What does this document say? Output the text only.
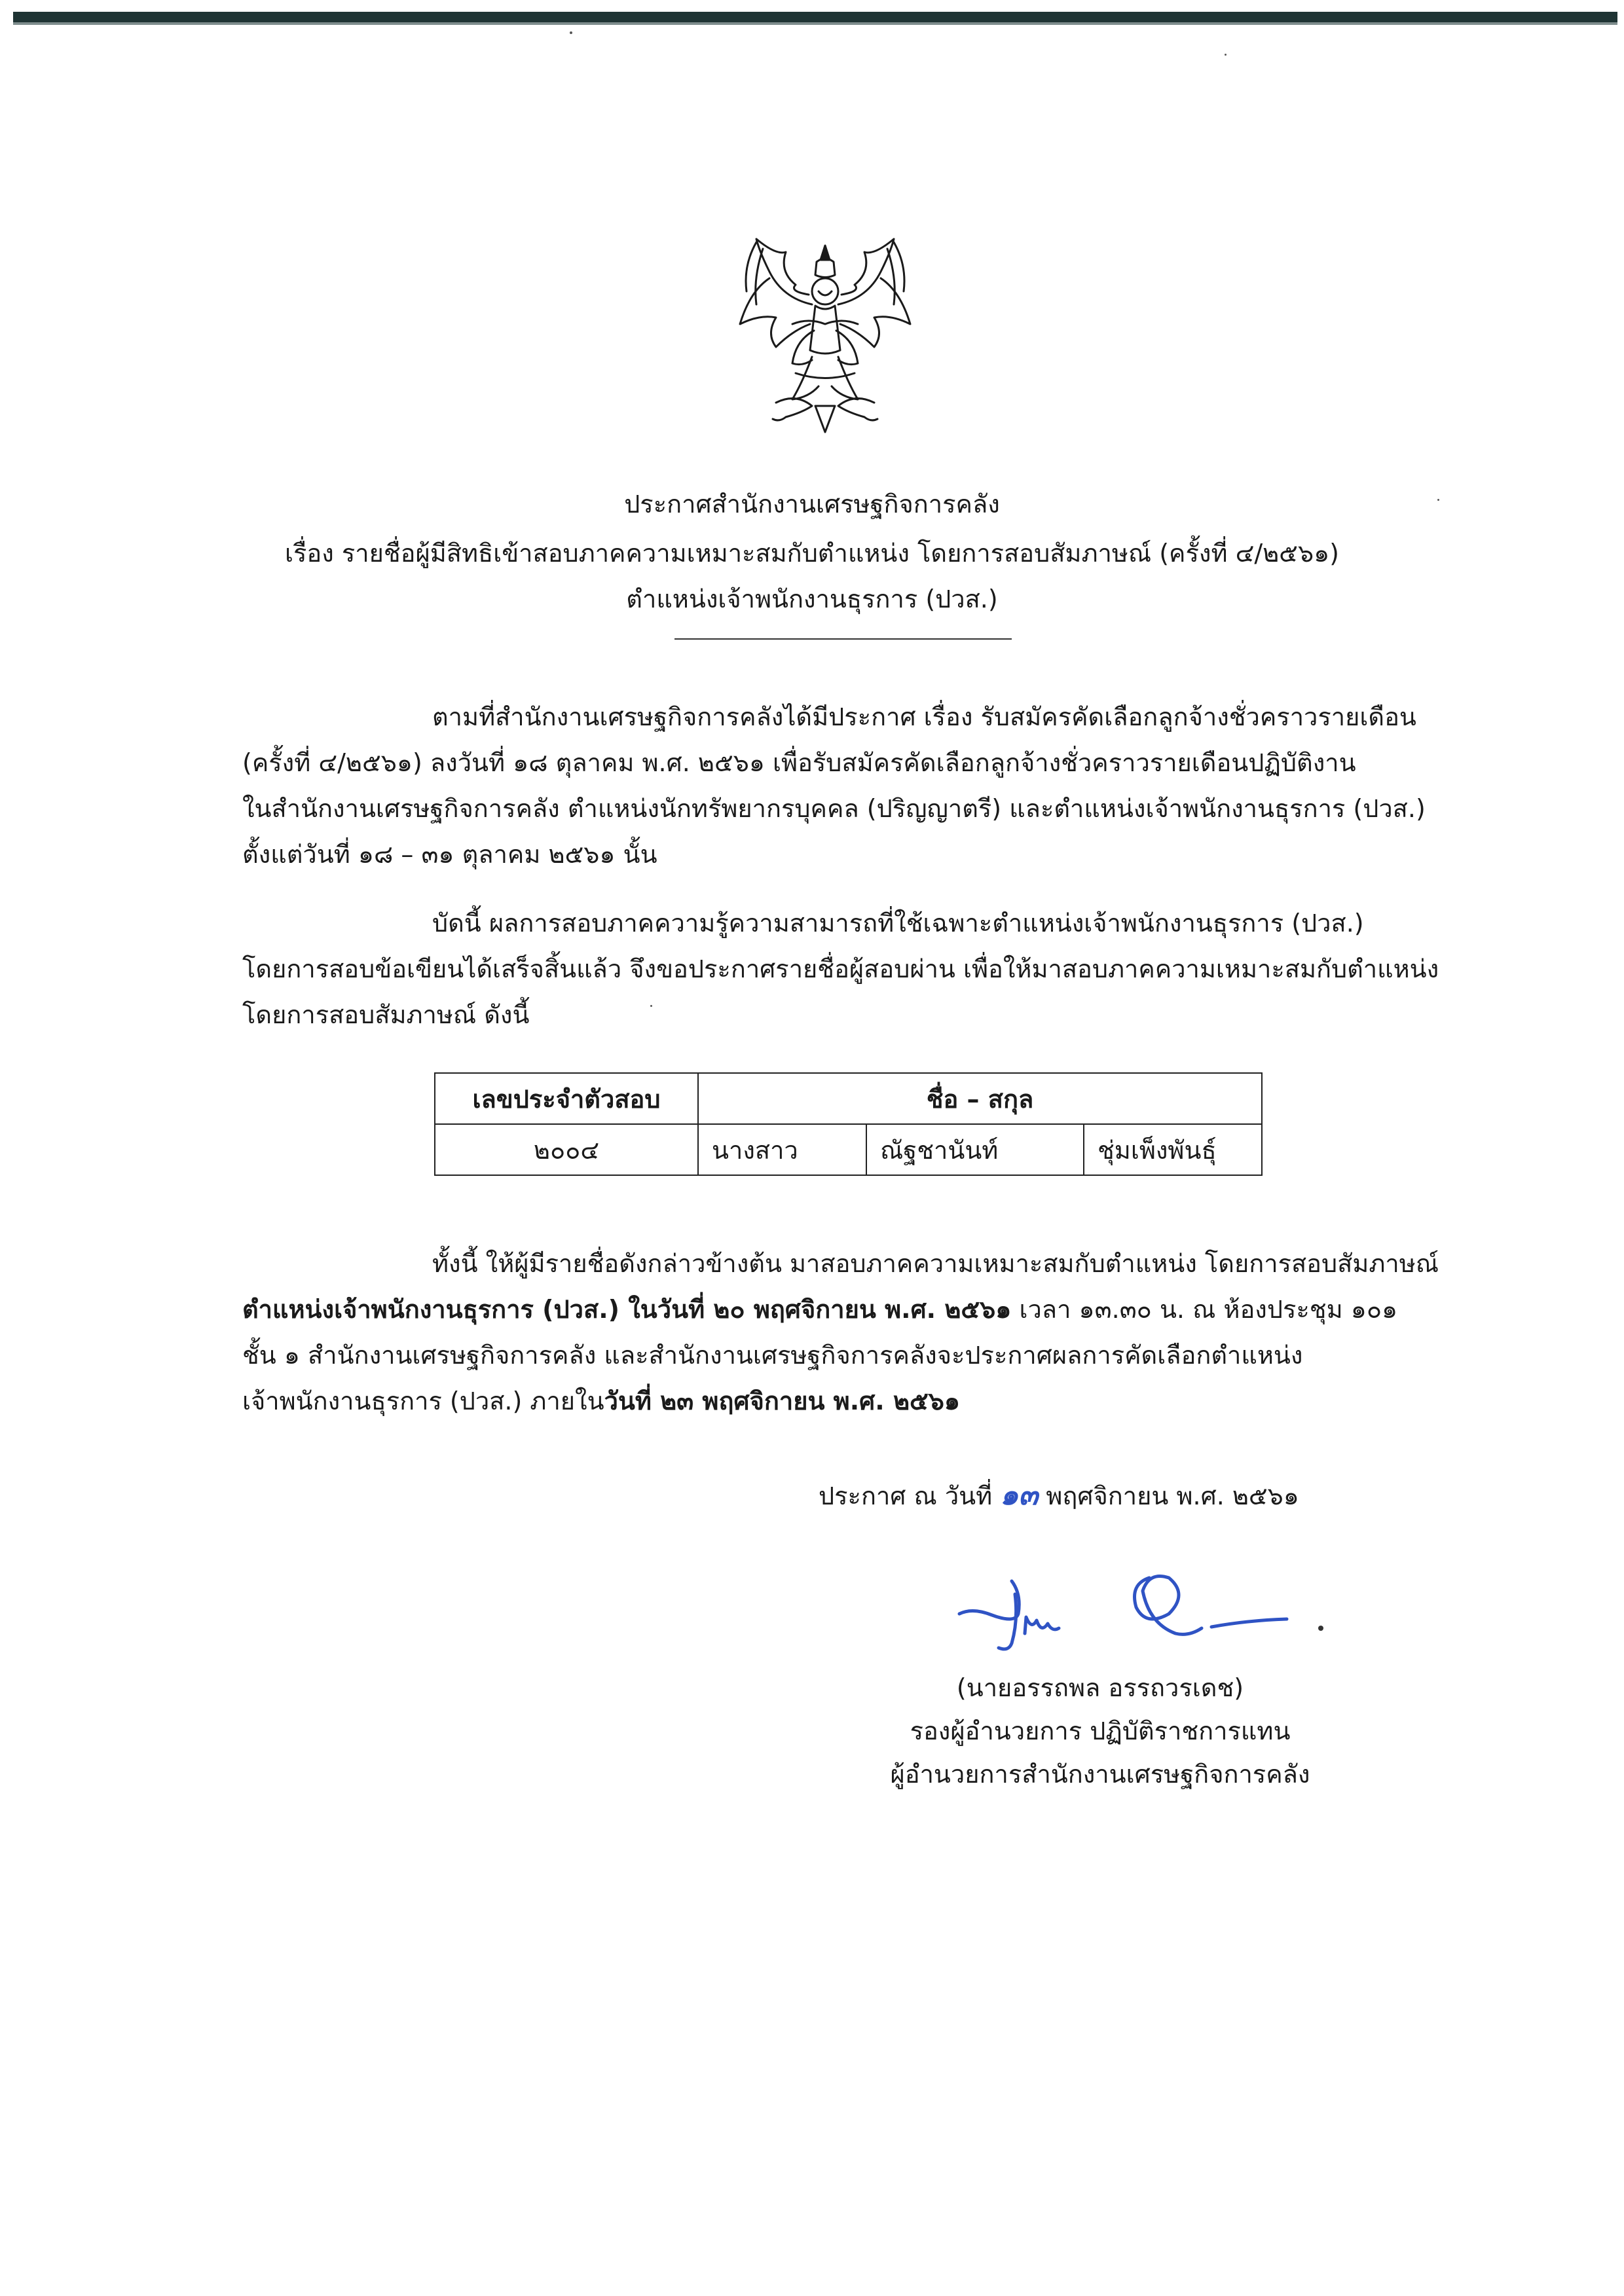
ประกาศสำนักงานเศรษฐกิจการคลัง
เรื่อง รายชื่อผู้มีสิทธิเข้าสอบภาคความเหมาะสมกับตำแหน่ง โดยการสอบสัมภาษณ์ (ครั้งที่ ๔/๒๕๖๑)
ตำแหน่งเจ้าพนักงานธุรการ (ปวส.)
ตามที่สำนักงานเศรษฐกิจการคลังได้มีประกาศ เรื่อง รับสมัครคัดเลือกลูกจ้างชั่วคราวรายเดือน
(ครั้งที่ ๔/๒๕๖๑) ลงวันที่ ๑๘ ตุลาคม พ.ศ. ๒๕๖๑ เพื่อรับสมัครคัดเลือกลูกจ้างชั่วคราวรายเดือนปฏิบัติงาน
ในสำนักงานเศรษฐกิจการคลัง ตำแหน่งนักทรัพยากรบุคคล (ปริญญาตรี) และตำแหน่งเจ้าพนักงานธุรการ (ปวส.)
ตั้งแต่วันที่ ๑๘ – ๓๑ ตุลาคม ๒๕๖๑ นั้น
บัดนี้ ผลการสอบภาคความรู้ความสามารถที่ใช้เฉพาะตำแหน่งเจ้าพนักงานธุรการ (ปวส.)
โดยการสอบข้อเขียนได้เสร็จสิ้นแล้ว จึงขอประกาศรายชื่อผู้สอบผ่าน เพื่อให้มาสอบภาคความเหมาะสมกับตำแหน่ง
โดยการสอบสัมภาษณ์ ดังนี้
เลขประจำตัวสอบ	ชื่อ – สกุล		
๒๐๐๔	นางสาว	ณัฐชานันท์	ชุ่มเพ็งพันธุ์
ทั้งนี้ ให้ผู้มีรายชื่อดังกล่าวข้างต้น มาสอบภาคความเหมาะสมกับตำแหน่ง โดยการสอบสัมภาษณ์
ตำแหน่งเจ้าพนักงานธุรการ (ปวส.) ในวันที่ ๒๐ พฤศจิกายน พ.ศ. ๒๕๖๑ เวลา ๑๓.๓๐ น. ณ ห้องประชุม ๑๐๑
ชั้น ๑ สำนักงานเศรษฐกิจการคลัง และสำนักงานเศรษฐกิจการคลังจะประกาศผลการคัดเลือกตำแหน่ง
เจ้าพนักงานธุรการ (ปวส.) ภายในวันที่ ๒๓ พฤศจิกายน พ.ศ. ๒๕๖๑
ประกาศ ณ วันที่ ๑๓ พฤศจิกายน พ.ศ. ๒๕๖๑
(นายอรรถพล อรรถวรเดช)
รองผู้อำนวยการ ปฏิบัติราชการแทน
ผู้อำนวยการสำนักงานเศรษฐกิจการคลัง
